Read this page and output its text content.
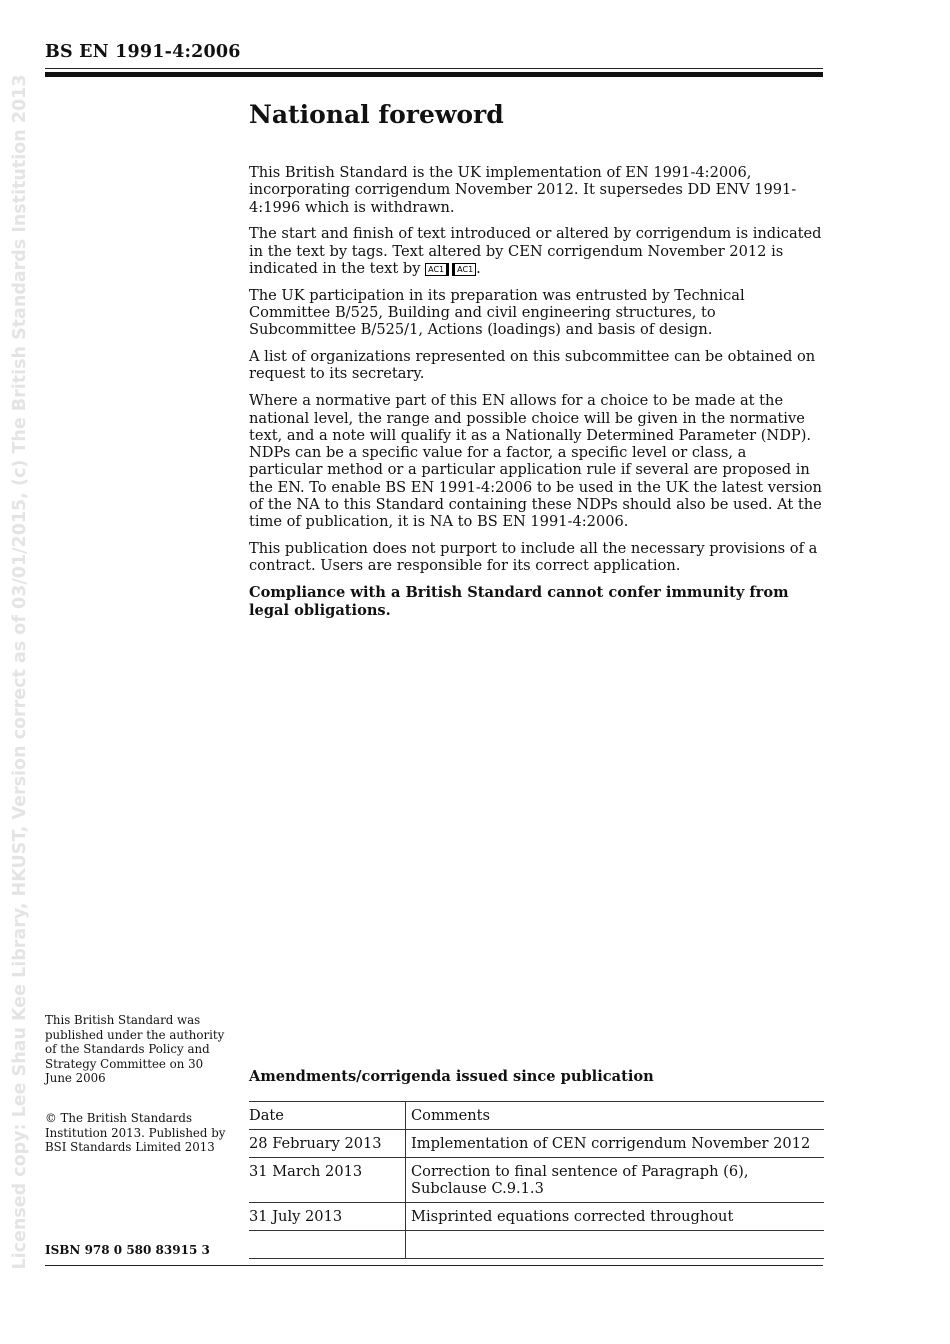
BS EN 1991-4:2006
Licensed copy: Lee Shau Kee Library, HKUST, Version correct as of 03/01/2015, (c) The British Standards Institution 2013	National foreword

This British Standard is the UK implementation of EN 1991-4:2006, incorporating corrigendum November 2012. It supersedes DD ENV 1991-4:1996 which is withdrawn.

The start and finish of text introduced or altered by corrigendum is indicated in the text by tags. Text altered by CEN corrigendum November 2012 is indicated in the text by AC1 AC1 .

The UK participation in its preparation was entrusted by Technical Committee B/525, Building and civil engineering structures, to Subcommittee B/525/1, Actions (loadings) and basis of design.

A list of organizations represented on this subcommittee can be obtained on request to its secretary.

Where a normative part of this EN allows for a choice to be made at the national level, the range and possible choice will be given in the normative text, and a note will qualify it as a Nationally Determined Parameter (NDP). NDPs can be a specific value for a factor, a specific level or class, a particular method or a particular application rule if several are proposed in the EN. To enable BS EN 1991-4:2006 to be used in the UK the latest version of the NA to this Standard containing these NDPs should also be used. At the time of publication, it is NA to BS EN 1991-4:2006.

This publication does not purport to include all the necessary provisions of a contract. Users are responsible for its correct application.

Compliance with a British Standard cannot confer immunity from legal obligations.

This British Standard was published under the authority of the Standards Policy and Strategy Committee on 30 June 2006
© The British Standards Institution 2013. Published by BSI Standards Limited 2013
ISBN 978 0 580 83915 3
Amendments/corrigenda issued since publication
Date	Comments
28 February 2013	Implementation of CEN corrigendum November 2012
31 March 2013	Correction to final sentence of Paragraph (6), Subclause C.9.1.3
31 July 2013	Misprinted equations corrected throughout
